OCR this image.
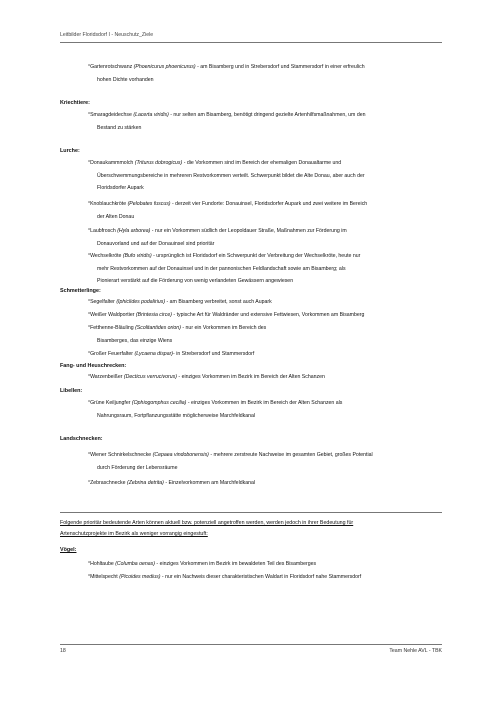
Leitbilder Floridsdorf I - Neuschutz_Ziele
°Gartenrotschwanz (Phoenicurus phoenicurus) - am Bisamberg und in Strebersdorf und Stammersdorf in einer erfreulich
hohen Dichte vorhanden
Kriechtiere:
°Smaragdeidechse (Lacerta viridis) - nur selten am Bisamberg, benötigt dringend gezielte Artenhilfsmaßnahmen, um den
Bestand zu stärken
Lurche:
°Donaukammmolch (Triturus dobrogicus) - die Vorkommen sind im Bereich der ehemaligen Donaualtarme und
Überschwemmungsbereiche in mehreren Restvorkommen verteilt. Schwerpunkt bildet die Alte Donau, aber auch der
Floridsdorfer Aupark
°Knoblauchkröte (Pelobates fuscus) - derzeit vier Fundorte: Donauinsel, Floridsdorfer Aupark und zwei weitere im Bereich
der Alten Donau
°Laubfrosch (Hyla arborea) - nur ein Vorkommen südlich der Leopoldauer Straße, Maßnahmen zur Förderung im
Donauvorland und auf der Donauinsel sind prioritär
°Wechselkröte (Bufo viridis) - ursprünglich ist Floridsdorf ein Schwerpunkt der Verbreitung der Wechselkröte, heute nur
mehr Restvorkommen auf der Donauinsel und in der pannonischen Feldlandschaft sowie am Bisamberg; als
Pionierart verstärkt auf die Förderung von wenig verlandeten Gewässern angewiesen
Schmetterlinge:
°Segelfalter (Iphiclides podalirius) - am Bisamberg verbreitet, sonst auch Aupark
°Weißer Waldportier (Brintesia circe) - typische Art für Waldränder und extensive Fettwiesen, Vorkommen am Bisamberg
°Fetthenne-Bläuling (Scolitantides orion) - nur ein Vorkommen im Bereich des
Bisamberges, das einzige Wiens
°Großer Feuerfalter (Lycaena dispar)- in Strebersdorf und Stammersdorf
Fang- und Heuschrecken:
°Warzenbeißer (Decticus verrucivorus) - einziges Vorkommen im Bezirk im Bereich der Alten Schanzen
Libellen:
°Grüne Keiljungfer (Ophiogomphus cecilia) - einziges Vorkommen im Bezirk im Bereich der Alten Schanzen als
Nahrungsraum, Fortpflanzungsstätte möglicherweise Marchfeldkanal
Landschnecken:
°Wiener Schnirkelschnecke (Cepaea vindobonensis) - mehrere zerstreute Nachweise im gesamten Gebiet, großes Potential
durch Förderung der Lebensräume
°Zebraschnecke (Zebrina detrita) - Einzelvorkommen am Marchfeldkanal
Folgende prioritär bedeutende Arten können aktuell bzw. potenziell angetroffen werden, werden jedoch in ihrer Bedeutung für
Artenschutzprojekte im Bezirk als weniger vorrangig eingestuft:
Vögel:
°Hohltaube (Columba oenas) - einziges Vorkommen im Bezirk im bewaldeten Teil des Bisamberges
°Mittelspecht (Picoides medius) - nur ein Nachweis dieser charakteristischen Waldart in Floridsdorf nahe Stammersdorf
18	Team Nehle AVL - TBK
